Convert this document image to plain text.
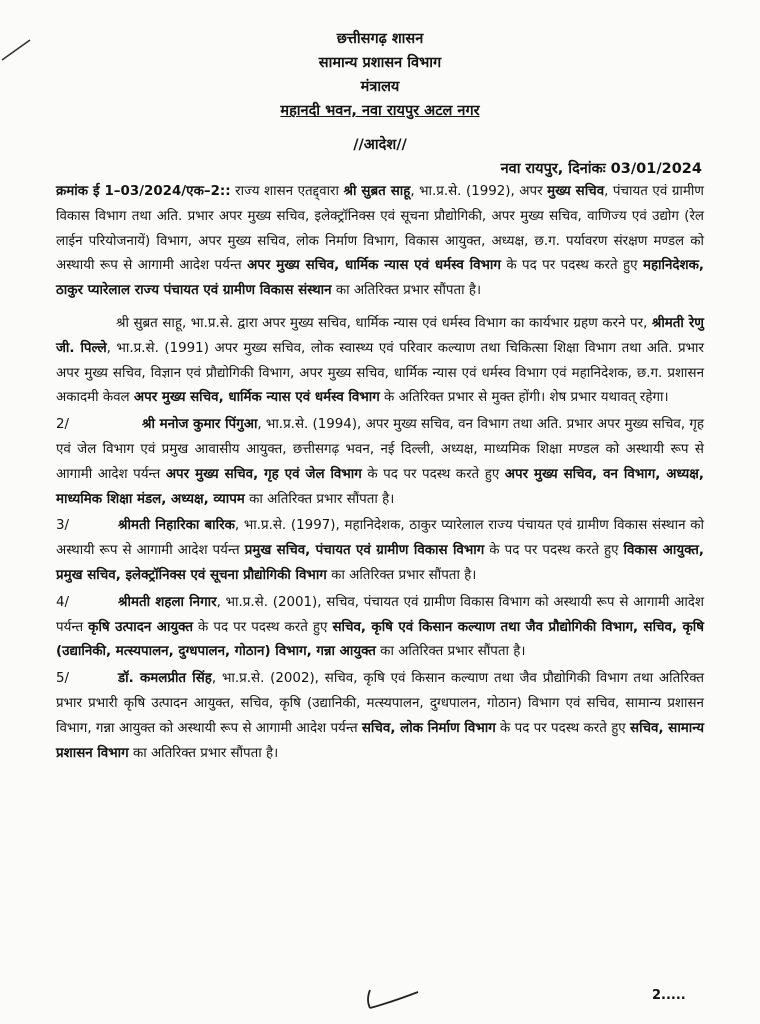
छत्तीसगढ़ शासन
सामान्य प्रशासन विभाग
मंत्रालय
महानदी भवन, नवा रायपुर अटल नगर
//आदेश//
नवा रायपुर, दिनांकः 03/01/2024

क्रमांक ई 1–03/2024/एक–2:: राज्य शासन एतद्द्वारा श्री सुब्रत साहू, भा.प्र.से. (1992), अपर मुख्य सचिव, पंचायत एवं ग्रामीण विकास विभाग तथा अति. प्रभार अपर मुख्य सचिव, इलेक्ट्रॉनिक्स एवं सूचना प्रौद्योगिकी, अपर मुख्य सचिव, वाणिज्य एवं उद्योग (रेल लाईन परियोजनायें) विभाग, अपर मुख्य सचिव, लोक निर्माण विभाग, विकास आयुक्त, अध्यक्ष, छ.ग. पर्यावरण संरक्षण मण्डल को अस्थायी रूप से आगामी आदेश पर्यन्त अपर मुख्य सचिव, धार्मिक न्यास एवं धर्मस्व विभाग के पद पर पदस्थ करते हुए महानिदेशक, ठाकुर प्यारेलाल राज्य पंचायत एवं ग्रामीण विकास संस्थान का अतिरिक्त प्रभार सौंपता है।

श्री सुब्रत साहू, भा.प्र.से. द्वारा अपर मुख्य सचिव, धार्मिक न्यास एवं धर्मस्व विभाग का कार्यभार ग्रहण करने पर, श्रीमती रेणु जी. पिल्ले, भा.प्र.से. (1991) अपर मुख्य सचिव, लोक स्वास्थ्य एवं परिवार कल्याण तथा चिकित्सा शिक्षा विभाग तथा अति. प्रभार अपर मुख्य सचिव, विज्ञान एवं प्रौद्योगिकी विभाग, अपर मुख्य सचिव, धार्मिक न्यास एवं धर्मस्व विभाग एवं महानिदेशक, छ.ग. प्रशासन अकादमी केवल अपर मुख्य सचिव, धार्मिक न्यास एवं धर्मस्व विभाग के अतिरिक्त प्रभार से मुक्त होंगी। शेष प्रभार यथावत् रहेगा।

2/	श्री मनोज कुमार पिंगुआ, भा.प्र.से. (1994), अपर मुख्य सचिव, वन विभाग तथा अति. प्रभार अपर मुख्य सचिव, गृह एवं जेल विभाग एवं प्रमुख आवासीय आयुक्त, छत्तीसगढ़ भवन, नई दिल्ली, अध्यक्ष, माध्यमिक शिक्षा मण्डल को अस्थायी रूप से आगामी आदेश पर्यन्त अपर मुख्य सचिव, गृह एवं जेल विभाग के पद पर पदस्थ करते हुए अपर मुख्य सचिव, वन विभाग, अध्यक्ष, माध्यमिक शिक्षा मंडल, अध्यक्ष, व्यापम का अतिरिक्त प्रभार सौंपता है।

3/	श्रीमती निहारिका बारिक, भा.प्र.से. (1997), महानिदेशक, ठाकुर प्यारेलाल राज्य पंचायत एवं ग्रामीण विकास संस्थान को अस्थायी रूप से आगामी आदेश पर्यन्त प्रमुख सचिव, पंचायत एवं ग्रामीण विकास विभाग के पद पर पदस्थ करते हुए विकास आयुक्त, प्रमुख सचिव, इलेक्ट्रॉनिक्स एवं सूचना प्रौद्योगिकी विभाग का अतिरिक्त प्रभार सौंपता है।

4/	श्रीमती शहला निगार, भा.प्र.से. (2001), सचिव, पंचायत एवं ग्रामीण विकास विभाग को अस्थायी रूप से आगामी आदेश पर्यन्त कृषि उत्पादन आयुक्त के पद पर पदस्थ करते हुए सचिव, कृषि एवं किसान कल्याण तथा जैव प्रौद्योगिकी विभाग, सचिव, कृषि (उद्यानिकी, मत्स्यपालन, दुग्धपालन, गोठान) विभाग, गन्ना आयुक्त का अतिरिक्त प्रभार सौंपता है।

5/	डॉ. कमलप्रीत सिंह, भा.प्र.से. (2002), सचिव, कृषि एवं किसान कल्याण तथा जैव प्रौद्योगिकी विभाग तथा अतिरिक्त प्रभार प्रभारी कृषि उत्पादन आयुक्त, सचिव, कृषि (उद्यानिकी, मत्स्यपालन, दुग्धपालन, गोठान) विभाग एवं सचिव, सामान्य प्रशासन विभाग, गन्ना आयुक्त को अस्थायी रूप से आगामी आदेश पर्यन्त सचिव, लोक निर्माण विभाग के पद पर पदस्थ करते हुए सचिव, सामान्य प्रशासन विभाग का अतिरिक्त प्रभार सौंपता है।

2.....
